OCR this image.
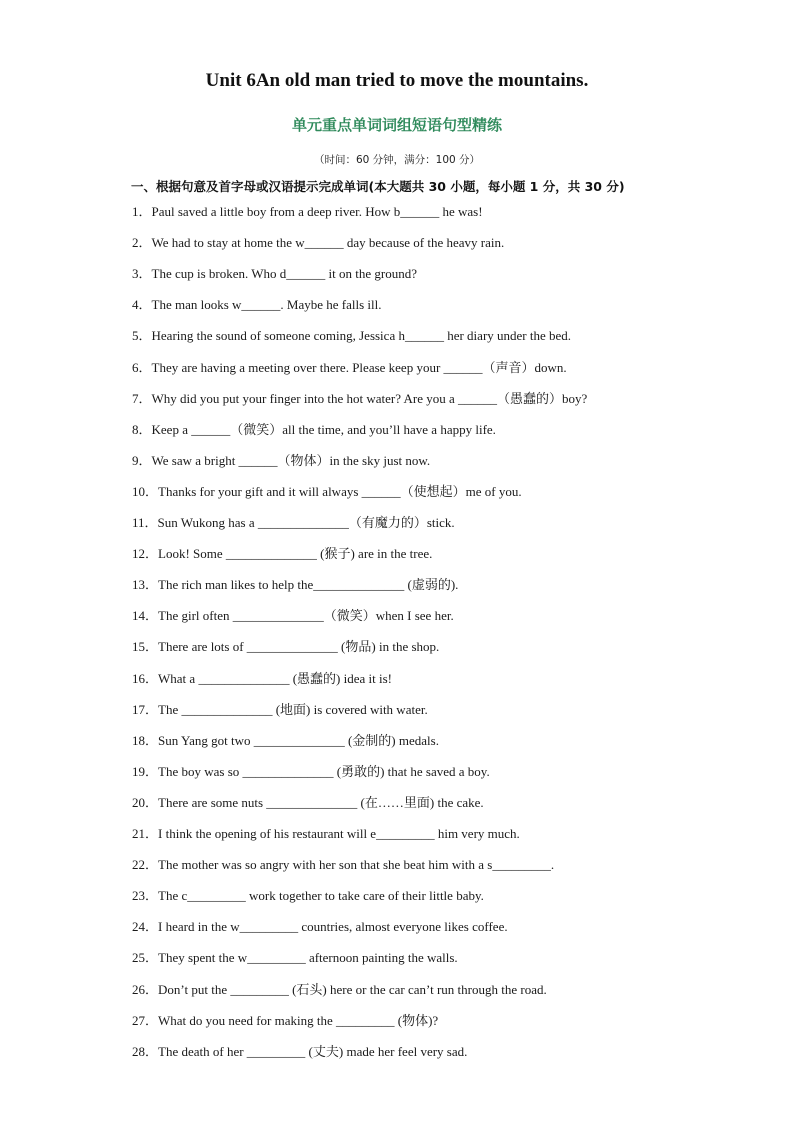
Unit 6An old man tried to move the mountains.
单元重点单词词组短语句型精练
（时间：60 分钟，满分：100 分）
一、根据句意及首字母或汉语提示完成单词(本大题共 30 小题，每小题 1 分，共 30 分)
1．Paul saved a little boy from a deep river. How b______ he was!
2．We had to stay at home the w______ day because of the heavy rain.
3．The cup is broken. Who d______ it on the ground?
4．The man looks w______. Maybe he falls ill.
5．Hearing the sound of someone coming, Jessica h______ her diary under the bed.
6．They are having a meeting over there. Please keep your ______（声音）down.
7．Why did you put your finger into the hot water? Are you a ______（愚蠢的）boy?
8．Keep a ______（微笑）all the time, and you’ll have a happy life.
9．We saw a bright ______（物体）in the sky just now.
10．Thanks for your gift and it will always ______（使想起）me of you.
11．Sun Wukong has a ______________（有魔力的）stick.
12．Look! Some ______________ (猴子) are in the tree.
13．The rich man likes to help the______________ (虚弱的).
14．The girl often ______________（微笑）when I see her.
15．There are lots of ______________ (物品) in the shop.
16．What a ______________ (愚蠢的) idea it is!
17．The ______________ (地面) is covered with water.
18．Sun Yang got two ______________ (金制的) medals.
19．The boy was so ______________ (勇敢的) that he saved a boy.
20．There are some nuts ______________ (在……里面) the cake.
21．I think the opening of his restaurant will e_________ him very much.
22．The mother was so angry with her son that she beat him with a s_________.
23．The c_________ work together to take care of their little baby.
24．I heard in the w_________ countries, almost everyone likes coffee.
25．They spent the w_________ afternoon painting the walls.
26．Don’t put the _________ (石头) here or the car can’t run through the road.
27．What do you need for making the _________ (物体)?
28．The death of her _________ (丈夫) made her feel very sad.
